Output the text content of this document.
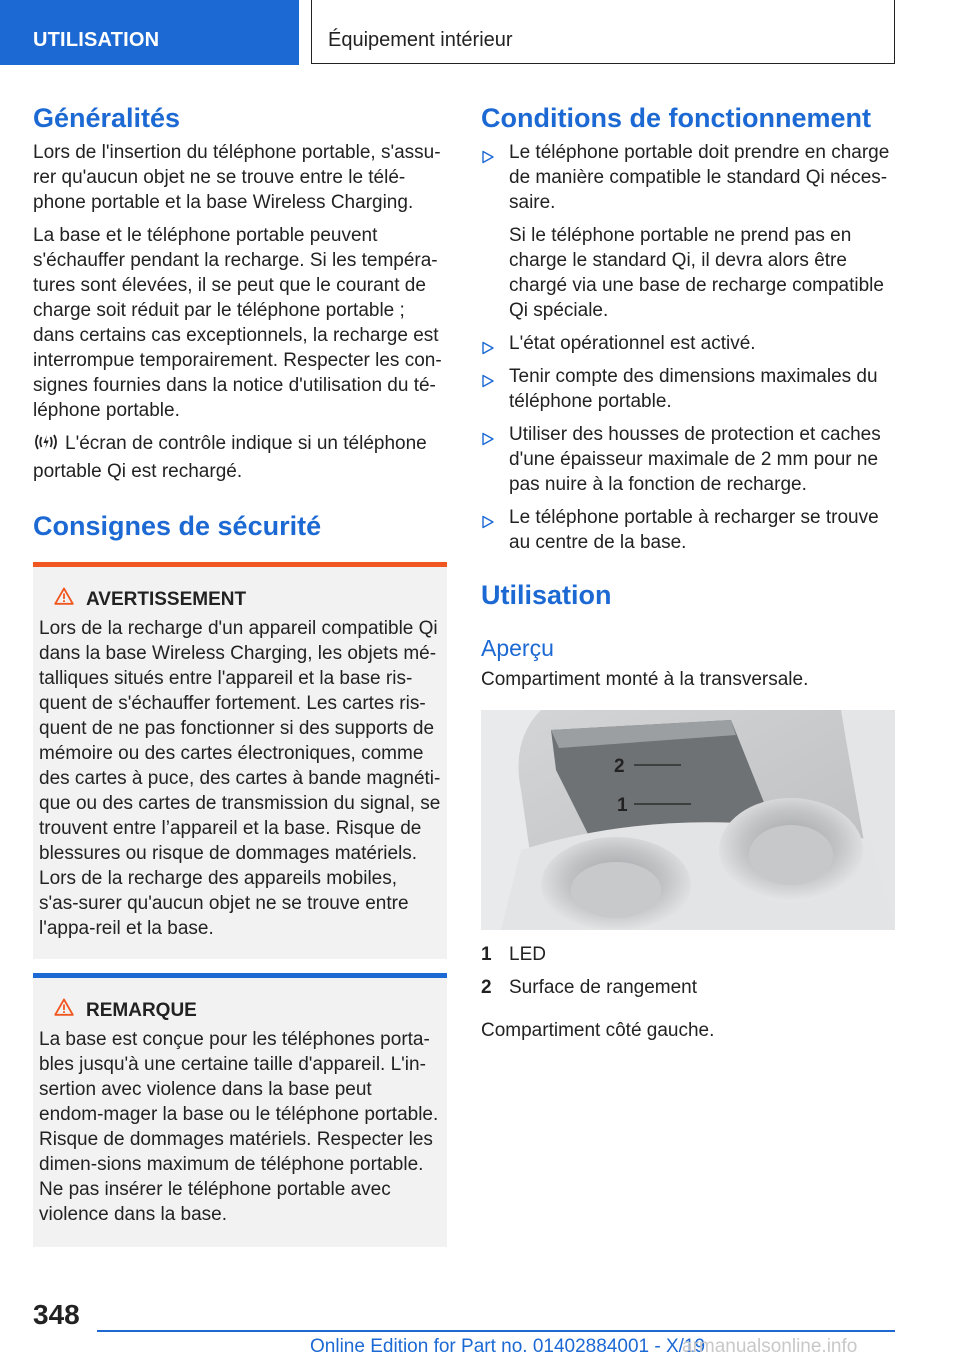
UTILISATION	Équipement intérieur
Généralités

Lors de l'insertion du téléphone portable, s'assu-rer qu'aucun objet ne se trouve entre le télé-phone portable et la base Wireless Charging.

La base et le téléphone portable peuvent s'échauffer pendant la recharge. Si les tempéra-tures sont élevées, il se peut que le courant de charge soit réduit par le téléphone portable ; dans certains cas exceptionnels, la recharge est interrompue temporairement. Respecter les con-signes fournies dans la notice d'utilisation du té-léphone portable.

L'écran de contrôle indique si un téléphone portable Qi est rechargé.

Consignes de sécurité
AVERTISSEMENT

Lors de la recharge d'un appareil compatible Qi dans la base Wireless Charging, les objets mé-talliques situés entre l'appareil et la base ris-quent de s'échauffer fortement. Les cartes ris-quent de ne pas fonctionner si des supports de mémoire ou des cartes électroniques, comme des cartes à puce, des cartes à bande magnéti-que ou des cartes de transmission du signal, se trouvent entre l’appareil et la base. Risque de blessures ou risque de dommages matériels. Lors de la recharge des appareils mobiles, s'as-surer qu'aucun objet ne se trouve entre l'appa-reil et la base.

REMARQUE

La base est conçue pour les téléphones porta-bles jusqu'à une certaine taille d'appareil. L'in-sertion avec violence dans la base peut endom-mager la base ou le téléphone portable. Risque de dommages matériels. Respecter les dimen-sions maximum de téléphone portable. Ne pas insérer le téléphone portable avec violence dans la base.

Conditions de fonctionnement

Le téléphone portable doit prendre en charge de manière compatible le standard Qi néces-saire.

Si le téléphone portable ne prend pas en charge le standard Qi, il devra alors être chargé via une base de recharge compatible Qi spéciale.

L'état opérationnel est activé.

Tenir compte des dimensions maximales du téléphone portable.

Utiliser des housses de protection et caches d'une épaisseur maximale de 2 mm pour ne pas nuire à la fonction de recharge.

Le téléphone portable à recharger se trouve au centre de la base.

Utilisation
Aperçu

Compartiment monté à la transversale.

2
1
1 LED
2 Surface de rangement

Compartiment côté gauche.

348
Online Edition for Part no. 01402884001 - X/19
armanualsonline.info
